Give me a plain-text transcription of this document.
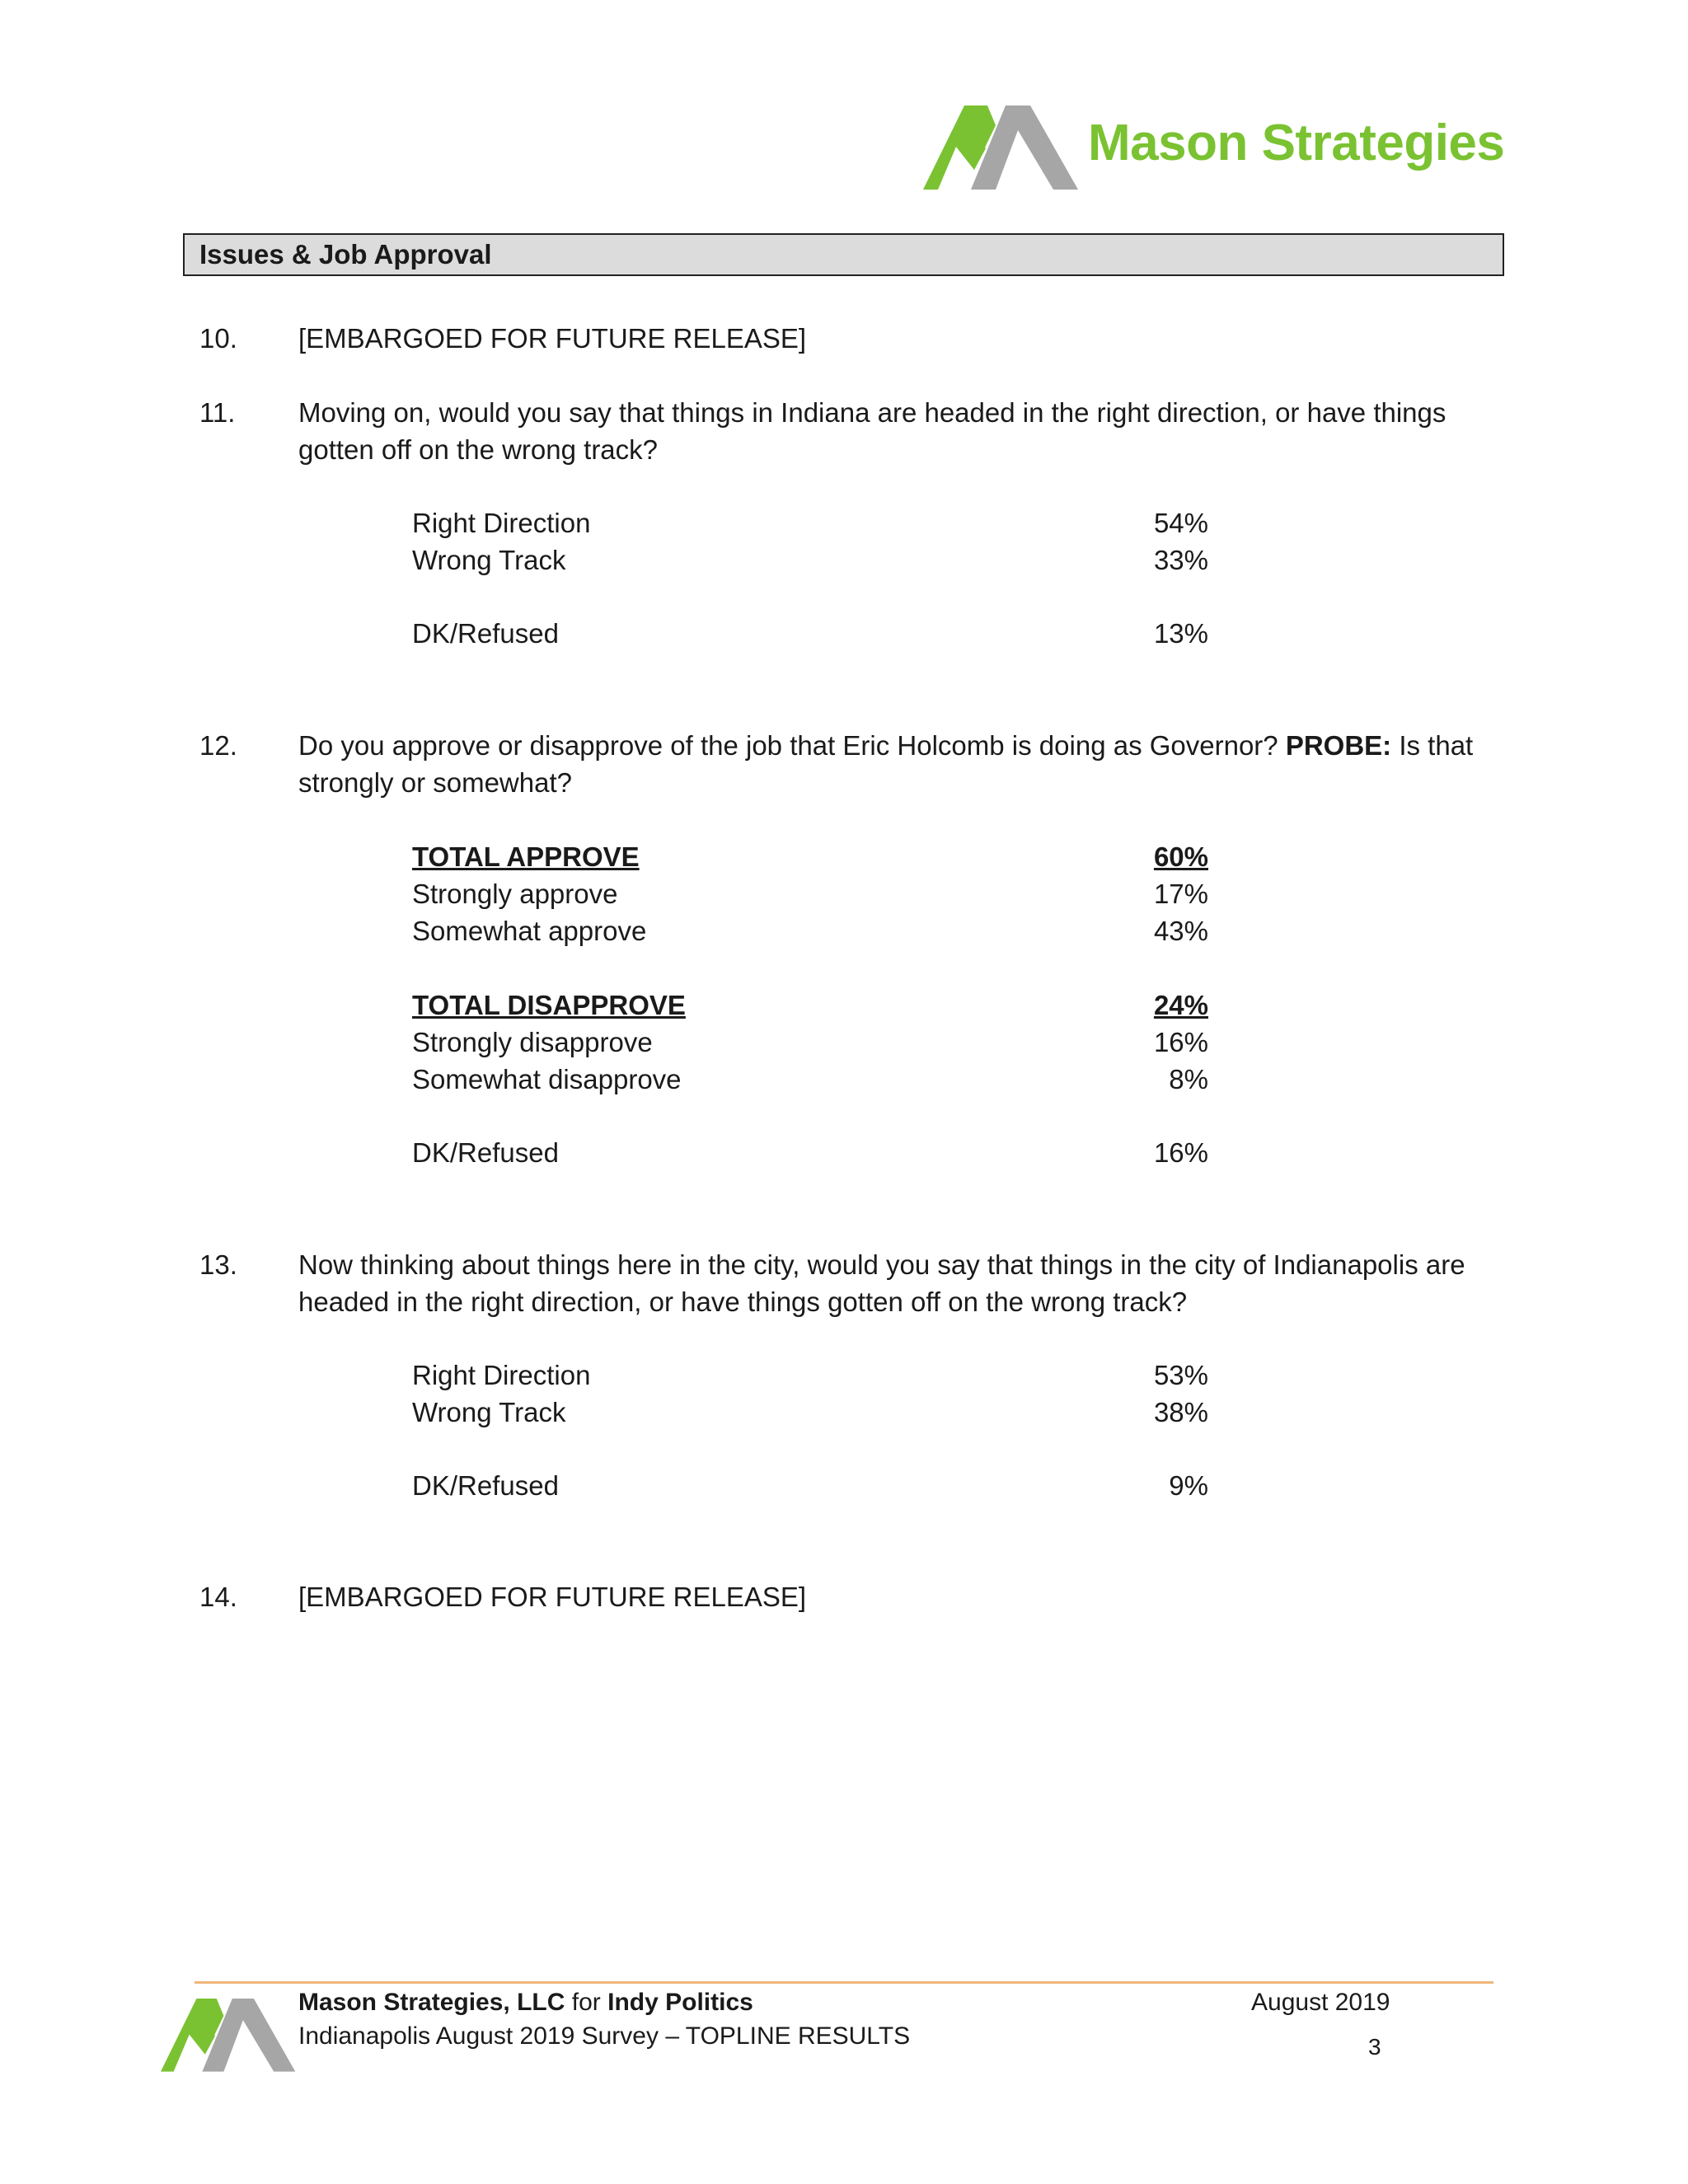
Mason Strategies
Issues & Job Approval
10.	[EMBARGOED FOR FUTURE RELEASE]
11.	Moving on, would you say that things in Indiana are headed in the right direction, or have things gotten off on the wrong track?
Right Direction	54%
Wrong Track	33%
DK/Refused	13%
12.	Do you approve or disapprove of the job that Eric Holcomb is doing as Governor? PROBE: Is that strongly or somewhat?
TOTAL APPROVE	60%
Strongly approve	17%
Somewhat approve	43%
TOTAL DISAPPROVE	24%
Strongly disapprove	16%
Somewhat disapprove	8%
DK/Refused	16%
13.	Now thinking about things here in the city, would you say that things in the city of Indianapolis are headed in the right direction, or have things gotten off on the wrong track?
Right Direction	53%
Wrong Track	38%
DK/Refused	9%
14.	[EMBARGOED FOR FUTURE RELEASE]
Mason Strategies, LLC for Indy Politics
Indianapolis August 2019 Survey – TOPLINE RESULTS
August 2019
3
